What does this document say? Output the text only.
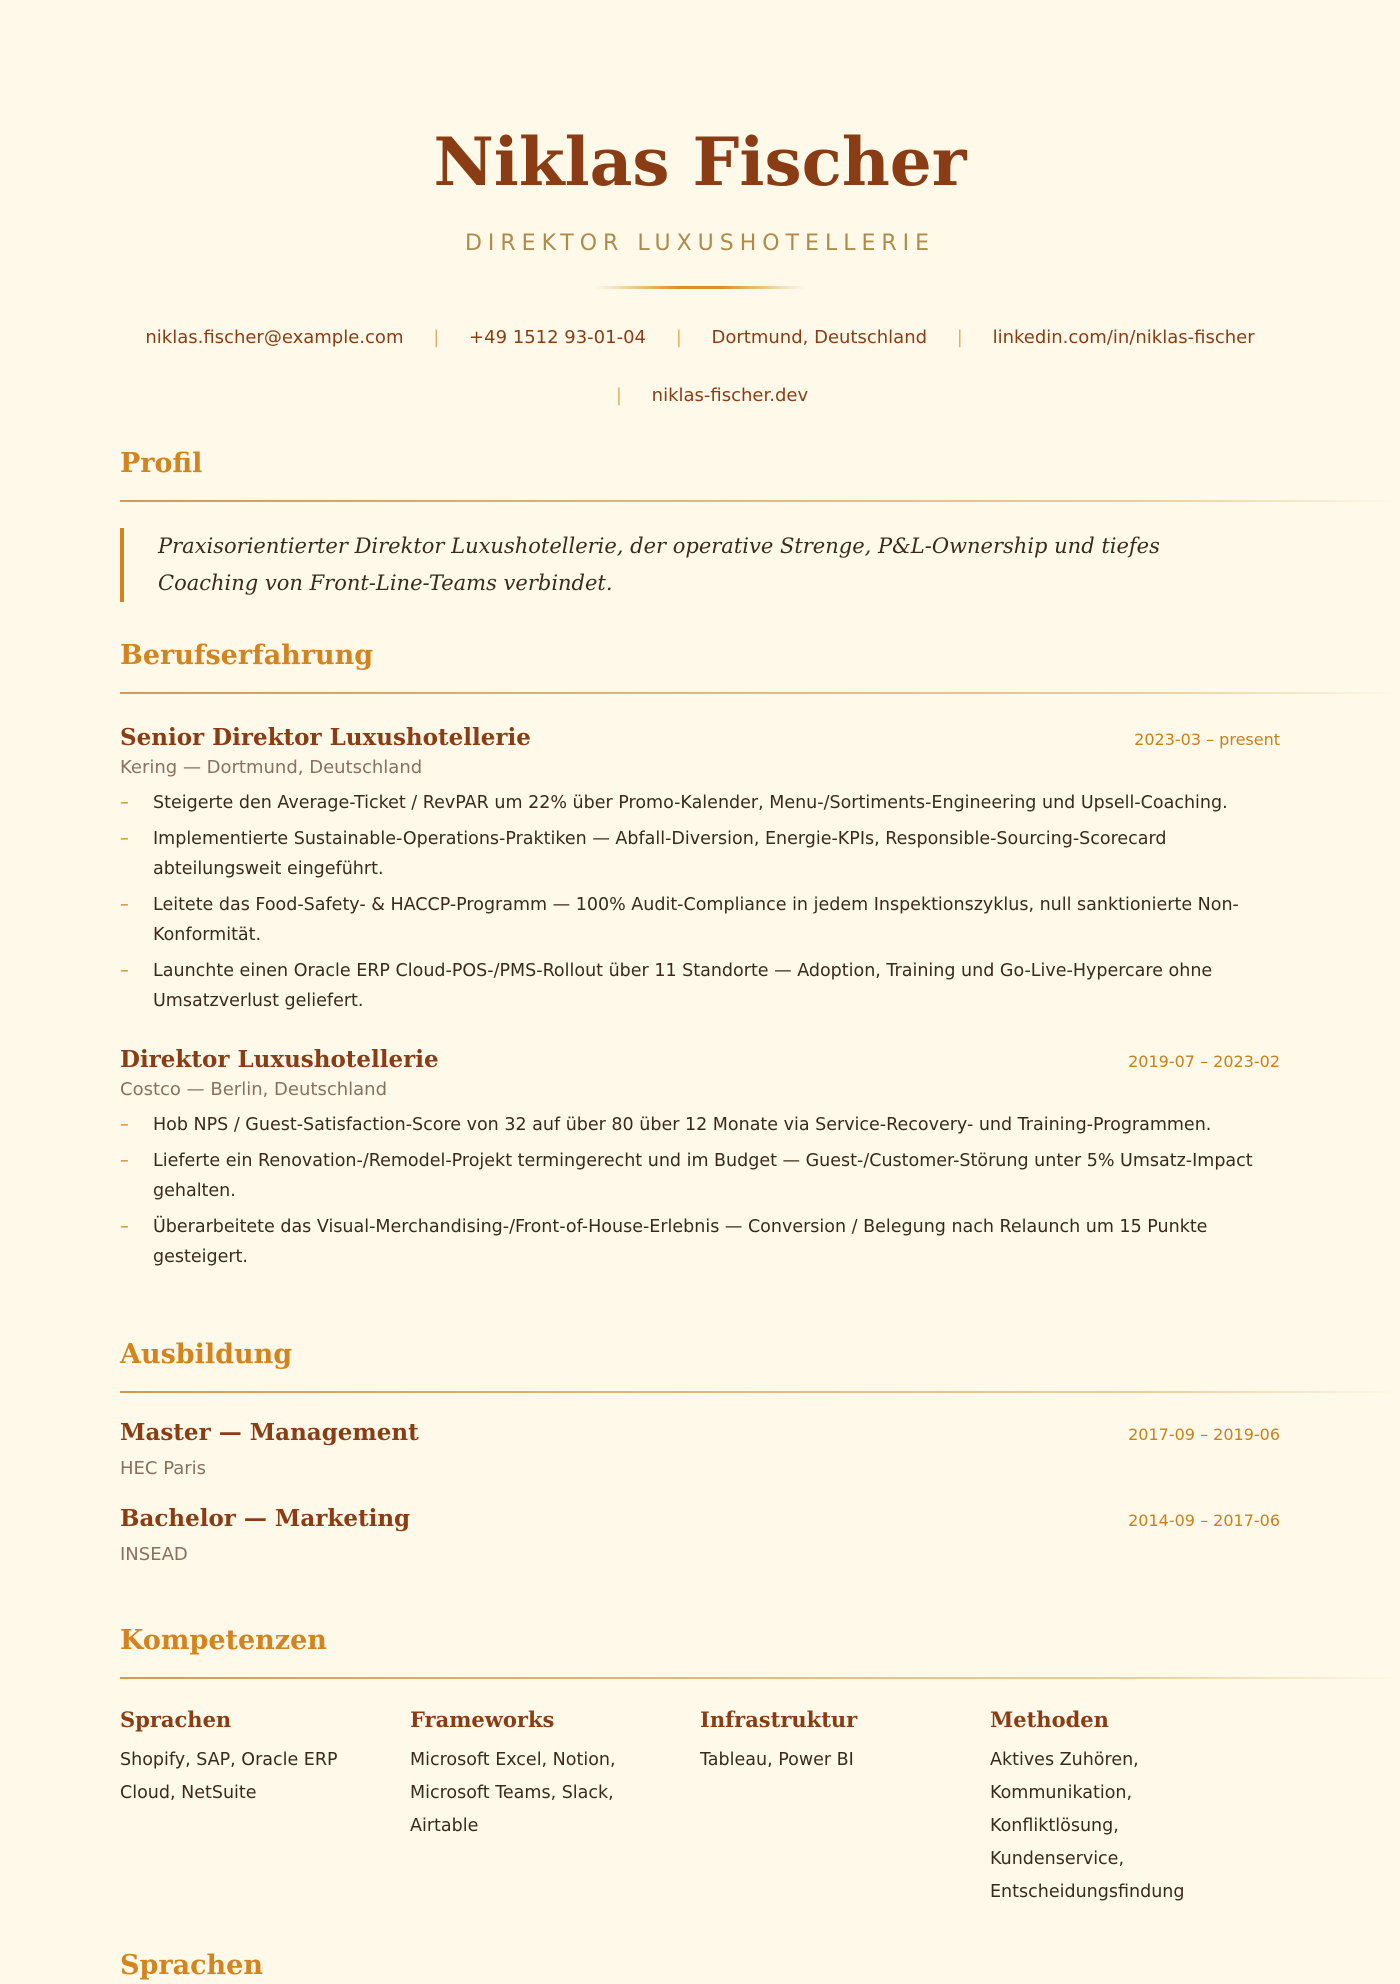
Niklas Fischer
DIREKTOR LUXUSHOTELLERIE
niklas.fischer@example.com | +49 1512 93-01-04 | Dortmund, Deutschland | linkedin.com/in/niklas-fischer
| niklas-fischer.dev
Profil
Praxisorientierter Direktor Luxushotellerie, der operative Strenge, P&L-Ownership und tiefes Coaching von Front-Line-Teams verbindet.
Berufserfahrung
Senior Direktor Luxushotellerie	2023-03 – present
Kering — Dortmund, Deutschland
– Steigerte den Average-Ticket / RevPAR um 22% über Promo-Kalender, Menu-/Sortiments-Engineering und Upsell-Coaching.
– Implementierte Sustainable-Operations-Praktiken — Abfall-Diversion, Energie-KPIs, Responsible-Sourcing-Scorecard abteilungsweit eingeführt.
– Leitete das Food-Safety- & HACCP-Programm — 100% Audit-Compliance in jedem Inspektionszyklus, null sanktionierte Non-Konformität.
– Launchte einen Oracle ERP Cloud-POS-/PMS-Rollout über 11 Standorte — Adoption, Training und Go-Live-Hypercare ohne Umsatzverlust geliefert.
Direktor Luxushotellerie	2019-07 – 2023-02
Costco — Berlin, Deutschland
– Hob NPS / Guest-Satisfaction-Score von 32 auf über 80 über 12 Monate via Service-Recovery- und Training-Programmen.
– Lieferte ein Renovation-/Remodel-Projekt termingerecht und im Budget — Guest-/Customer-Störung unter 5% Umsatz-Impact gehalten.
– Überarbeitete das Visual-Merchandising-/Front-of-House-Erlebnis — Conversion / Belegung nach Relaunch um 15 Punkte gesteigert.
Ausbildung
Master — Management	2017-09 – 2019-06
HEC Paris
Bachelor — Marketing	2014-09 – 2017-06
INSEAD
Kompetenzen
Sprachen
Shopify, SAP, Oracle ERP Cloud, NetSuite
Frameworks
Microsoft Excel, Notion, Microsoft Teams, Slack, Airtable
Infrastruktur
Tableau, Power BI
Methoden
Aktives Zuhören, Kommunikation, Konfliktlösung, Kundenservice, Entscheidungsfindung
Sprachen
